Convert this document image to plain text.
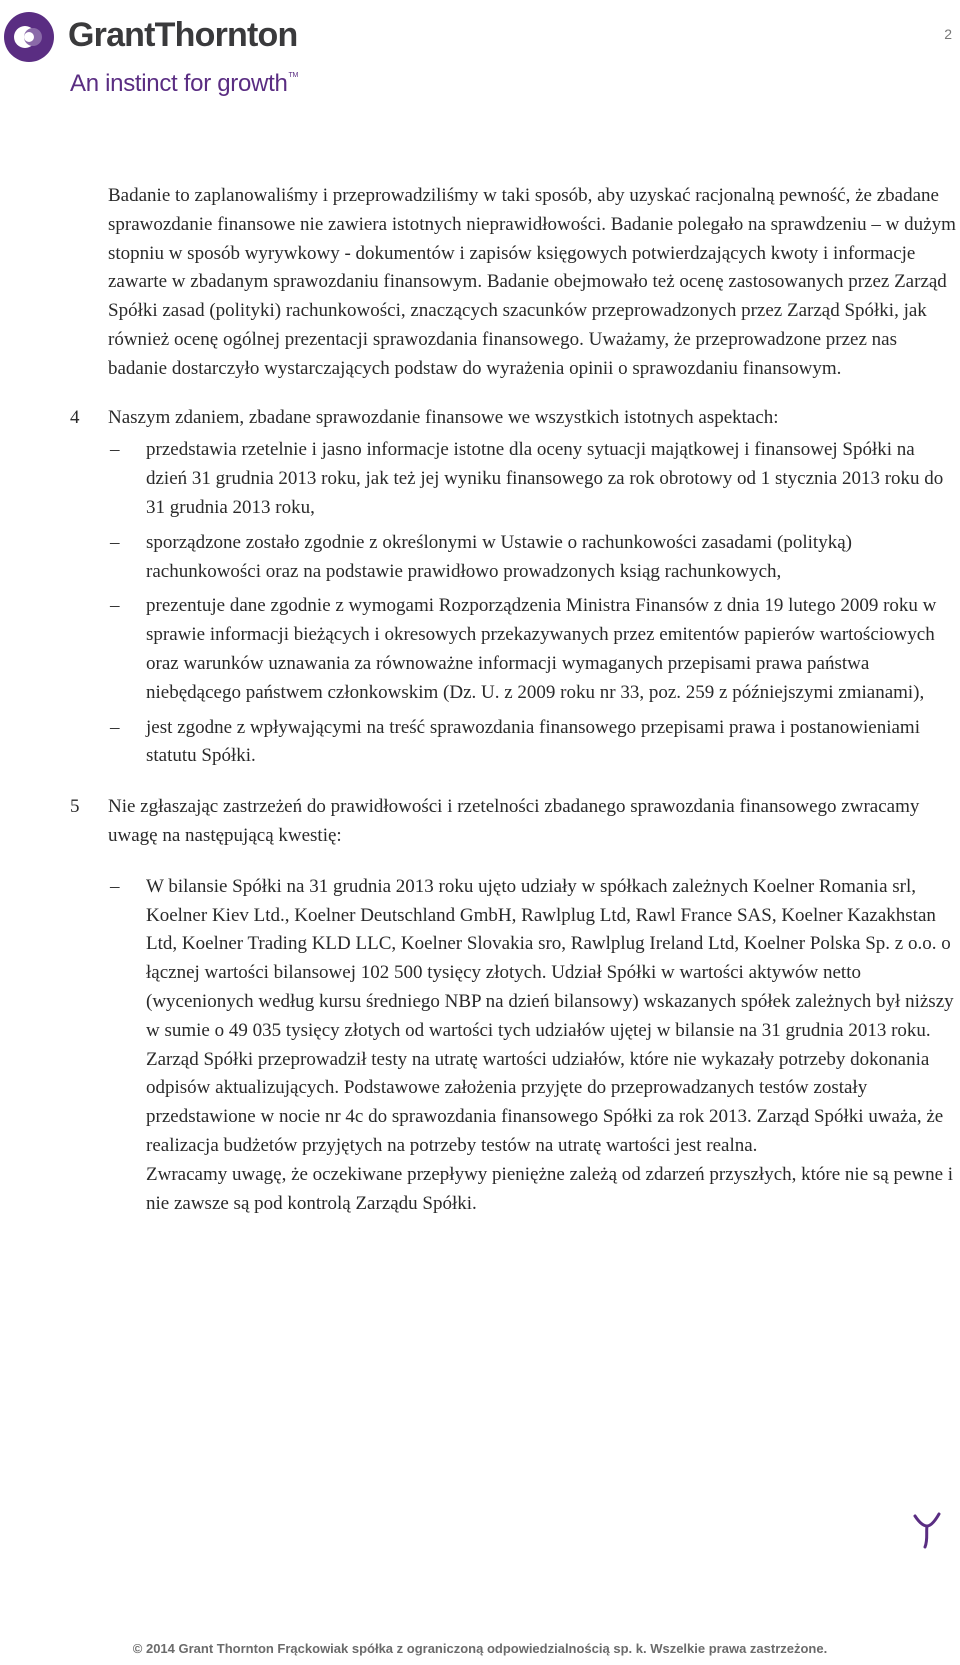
GrantThornton
An instinct for growth™
2

Badanie to zaplanowaliśmy i przeprowadziliśmy w taki sposób, aby uzyskać racjonalną pewność, że zbadane sprawozdanie finansowe nie zawiera istotnych nieprawidłowości. Badanie polegało na sprawdzeniu – w dużym stopniu w sposób wyrywkowy - dokumentów i zapisów księgowych potwierdzających kwoty i informacje zawarte w zbadanym sprawozdaniu finansowym. Badanie obejmowało też ocenę zastosowanych przez Zarząd Spółki zasad (polityki) rachunkowości, znaczących szacunków przeprowadzonych przez Zarząd Spółki, jak również ocenę ogólnej prezentacji sprawozdania finansowego. Uważamy, że przeprowadzone przez nas badanie dostarczyło wystarczających podstaw do wyrażenia opinii o sprawozdaniu finansowym.

4 Naszym zdaniem, zbadane sprawozdanie finansowe we wszystkich istotnych aspektach:

– przedstawia rzetelnie i jasno informacje istotne dla oceny sytuacji majątkowej i finansowej Spółki na dzień 31 grudnia 2013 roku, jak też jej wyniku finansowego za rok obrotowy od 1 stycznia 2013 roku do 31 grudnia 2013 roku,
– sporządzone zostało zgodnie z określonymi w Ustawie o rachunkowości zasadami (polityką) rachunkowości oraz na podstawie prawidłowo prowadzonych ksiąg rachunkowych,
– prezentuje dane zgodnie z wymogami Rozporządzenia Ministra Finansów z dnia 19 lutego 2009 roku w sprawie informacji bieżących i okresowych przekazywanych przez emitentów papierów wartościowych oraz warunków uznawania za równoważne informacji wymaganych przepisami prawa państwa niebędącego państwem członkowskim (Dz. U. z 2009 roku nr 33, poz. 259 z późniejszymi zmianami),
– jest zgodne z wpływającymi na treść sprawozdania finansowego przepisami prawa i postanowieniami statutu Spółki.
5 Nie zgłaszając zastrzeżeń do prawidłowości i rzetelności zbadanego sprawozdania finansowego zwracamy uwagę na następującą kwestię:

– W bilansie Spółki na 31 grudnia 2013 roku ujęto udziały w spółkach zależnych Koelner Romania srl, Koelner Kiev Ltd., Koelner Deutschland GmbH, Rawlplug Ltd, Rawl France SAS, Koelner Kazakhstan Ltd, Koelner Trading KLD LLC, Koelner Slovakia sro, Rawlplug Ireland Ltd, Koelner Polska Sp. z o.o. o łącznej wartości bilansowej 102 500 tysięcy złotych. Udział Spółki w wartości aktywów netto (wycenionych według kursu średniego NBP na dzień bilansowy) wskazanych spółek zależnych był niższy w sumie o 49 035 tysięcy złotych od wartości tych udziałów ujętej w bilansie na 31 grudnia 2013 roku. Zarząd Spółki przeprowadził testy na utratę wartości udziałów, które nie wykazały potrzeby dokonania odpisów aktualizujących. Podstawowe założenia przyjęte do przeprowadzanych testów zostały przedstawione w nocie nr 4c do sprawozdania finansowego Spółki za rok 2013. Zarząd Spółki uważa, że realizacja budżetów przyjętych na potrzeby testów na utratę wartości jest realna.
Zwracamy uwagę, że oczekiwane przepływy pieniężne zależą od zdarzeń przyszłych, które nie są pewne i nie zawsze są pod kontrolą Zarządu Spółki.
© 2014 Grant Thornton Frąckowiak spółka z ograniczoną odpowiedzialnością sp. k. Wszelkie prawa zastrzeżone.
